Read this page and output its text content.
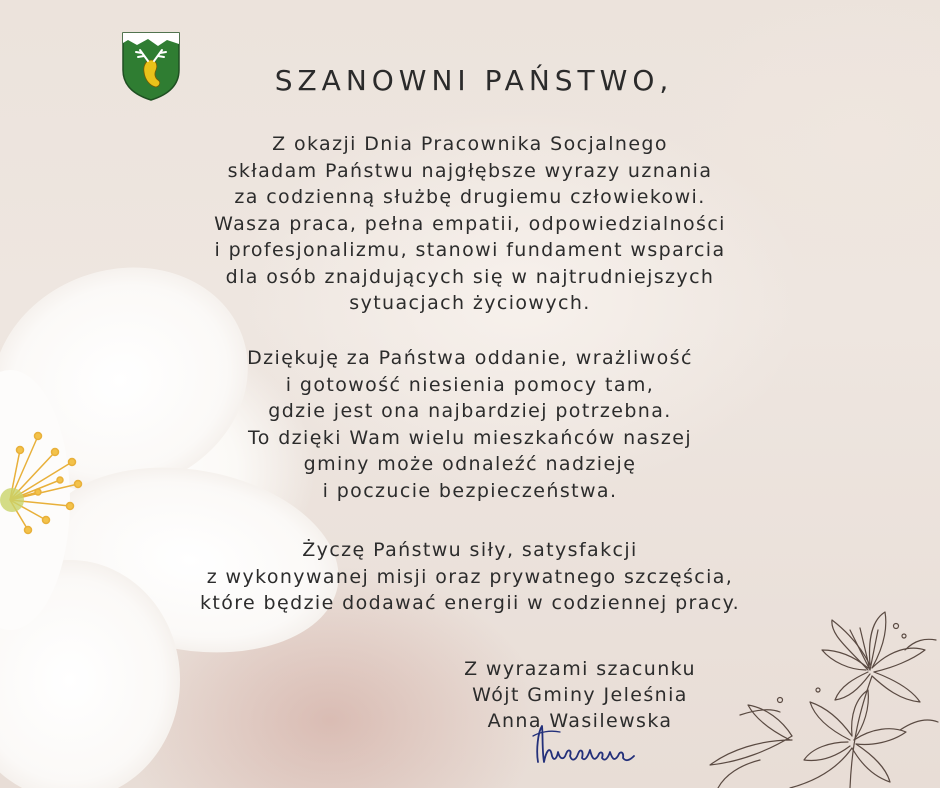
SZANOWNI PAŃSTWO,
Z okazji Dnia Pracownika Socjalnego
składam Państwu najgłębsze wyrazy uznania
za codzienną służbę drugiemu człowiekowi.
Wasza praca, pełna empatii, odpowiedzialności
i profesjonalizmu, stanowi fundament wsparcia
dla osób znajdujących się w najtrudniejszych
sytuacjach życiowych.
Dziękuję za Państwa oddanie, wrażliwość
i gotowość niesienia pomocy tam,
gdzie jest ona najbardziej potrzebna.
To dzięki Wam wielu mieszkańców naszej
gminy może odnaleźć nadzieję
i poczucie bezpieczeństwa.
Życzę Państwu siły, satysfakcji
z wykonywanej misji oraz prywatnego szczęścia,
które będzie dodawać energii w codziennej pracy.
Z wyrazami szacunku
Wójt Gminy Jeleśnia
Anna Wasilewska
